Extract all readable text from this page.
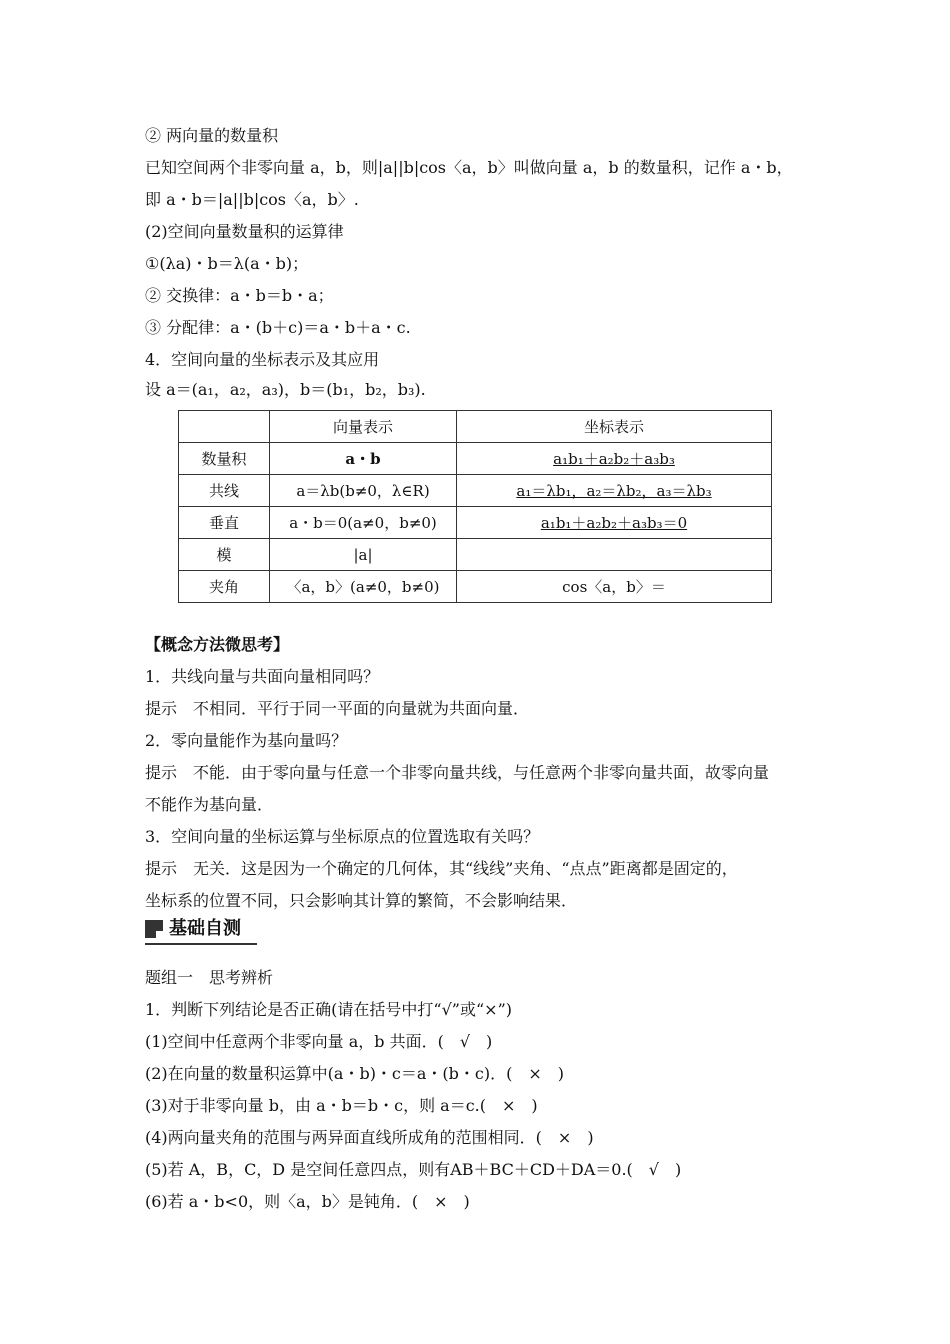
② 两向量的数量积
已知空间两个非零向量 a，b，则|a||b|cos〈a，b〉叫做向量 a，b 的数量积，记作 a・b，
即 a・b＝|a||b|cos〈a，b〉.
(2)空间向量数量积的运算律
①(λa)・b＝λ(a・b)；
② 交换律：a・b＝b・a；
③ 分配律：a・(b＋c)＝a・b＋a・c.
4．空间向量的坐标表示及其应用
设 a＝(a₁，a₂，a₃)，b＝(b₁，b₂，b₃).
	向量表示	坐标表示
数量积	a・b	a₁b₁＋a₂b₂＋a₃b₃
共线	a＝λb(b≠0，λ∈R)	a₁＝λb₁，a₂＝λb₂，a₃＝λb₃
垂直	a・b＝0(a≠0，b≠0)	a₁b₁＋a₂b₂＋a₃b₃＝0
模	|a|	
夹角	〈a，b〉(a≠0，b≠0)	cos〈a，b〉＝
【概念方法微思考】
1．共线向量与共面向量相同吗？
提示　不相同．平行于同一平面的向量就为共面向量．
2．零向量能作为基向量吗？
提示　不能．由于零向量与任意一个非零向量共线，与任意两个非零向量共面，故零向量
不能作为基向量．
3．空间向量的坐标运算与坐标原点的位置选取有关吗？
提示　无关．这是因为一个确定的几何体，其“线线”夹角、“点点”距离都是固定的，
坐标系的位置不同，只会影响其计算的繁简，不会影响结果．
基础自测
题组一　思考辨析
1．判断下列结论是否正确(请在括号中打“√”或“×”)
(1)空间中任意两个非零向量 a，b 共面．(　√　)
(2)在向量的数量积运算中(a・b)・c＝a・(b・c)．(　×　)
(3)对于非零向量 b，由 a・b＝b・c，则 a＝c.(　×　)
(4)两向量夹角的范围与两异面直线所成角的范围相同．(　×　)
(5)若 A，B，C，D 是空间任意四点，则有AB＋BC＋CD＋DA＝0.(　√　)
(6)若 a・b<0，则〈a，b〉是钝角．(　×　)
